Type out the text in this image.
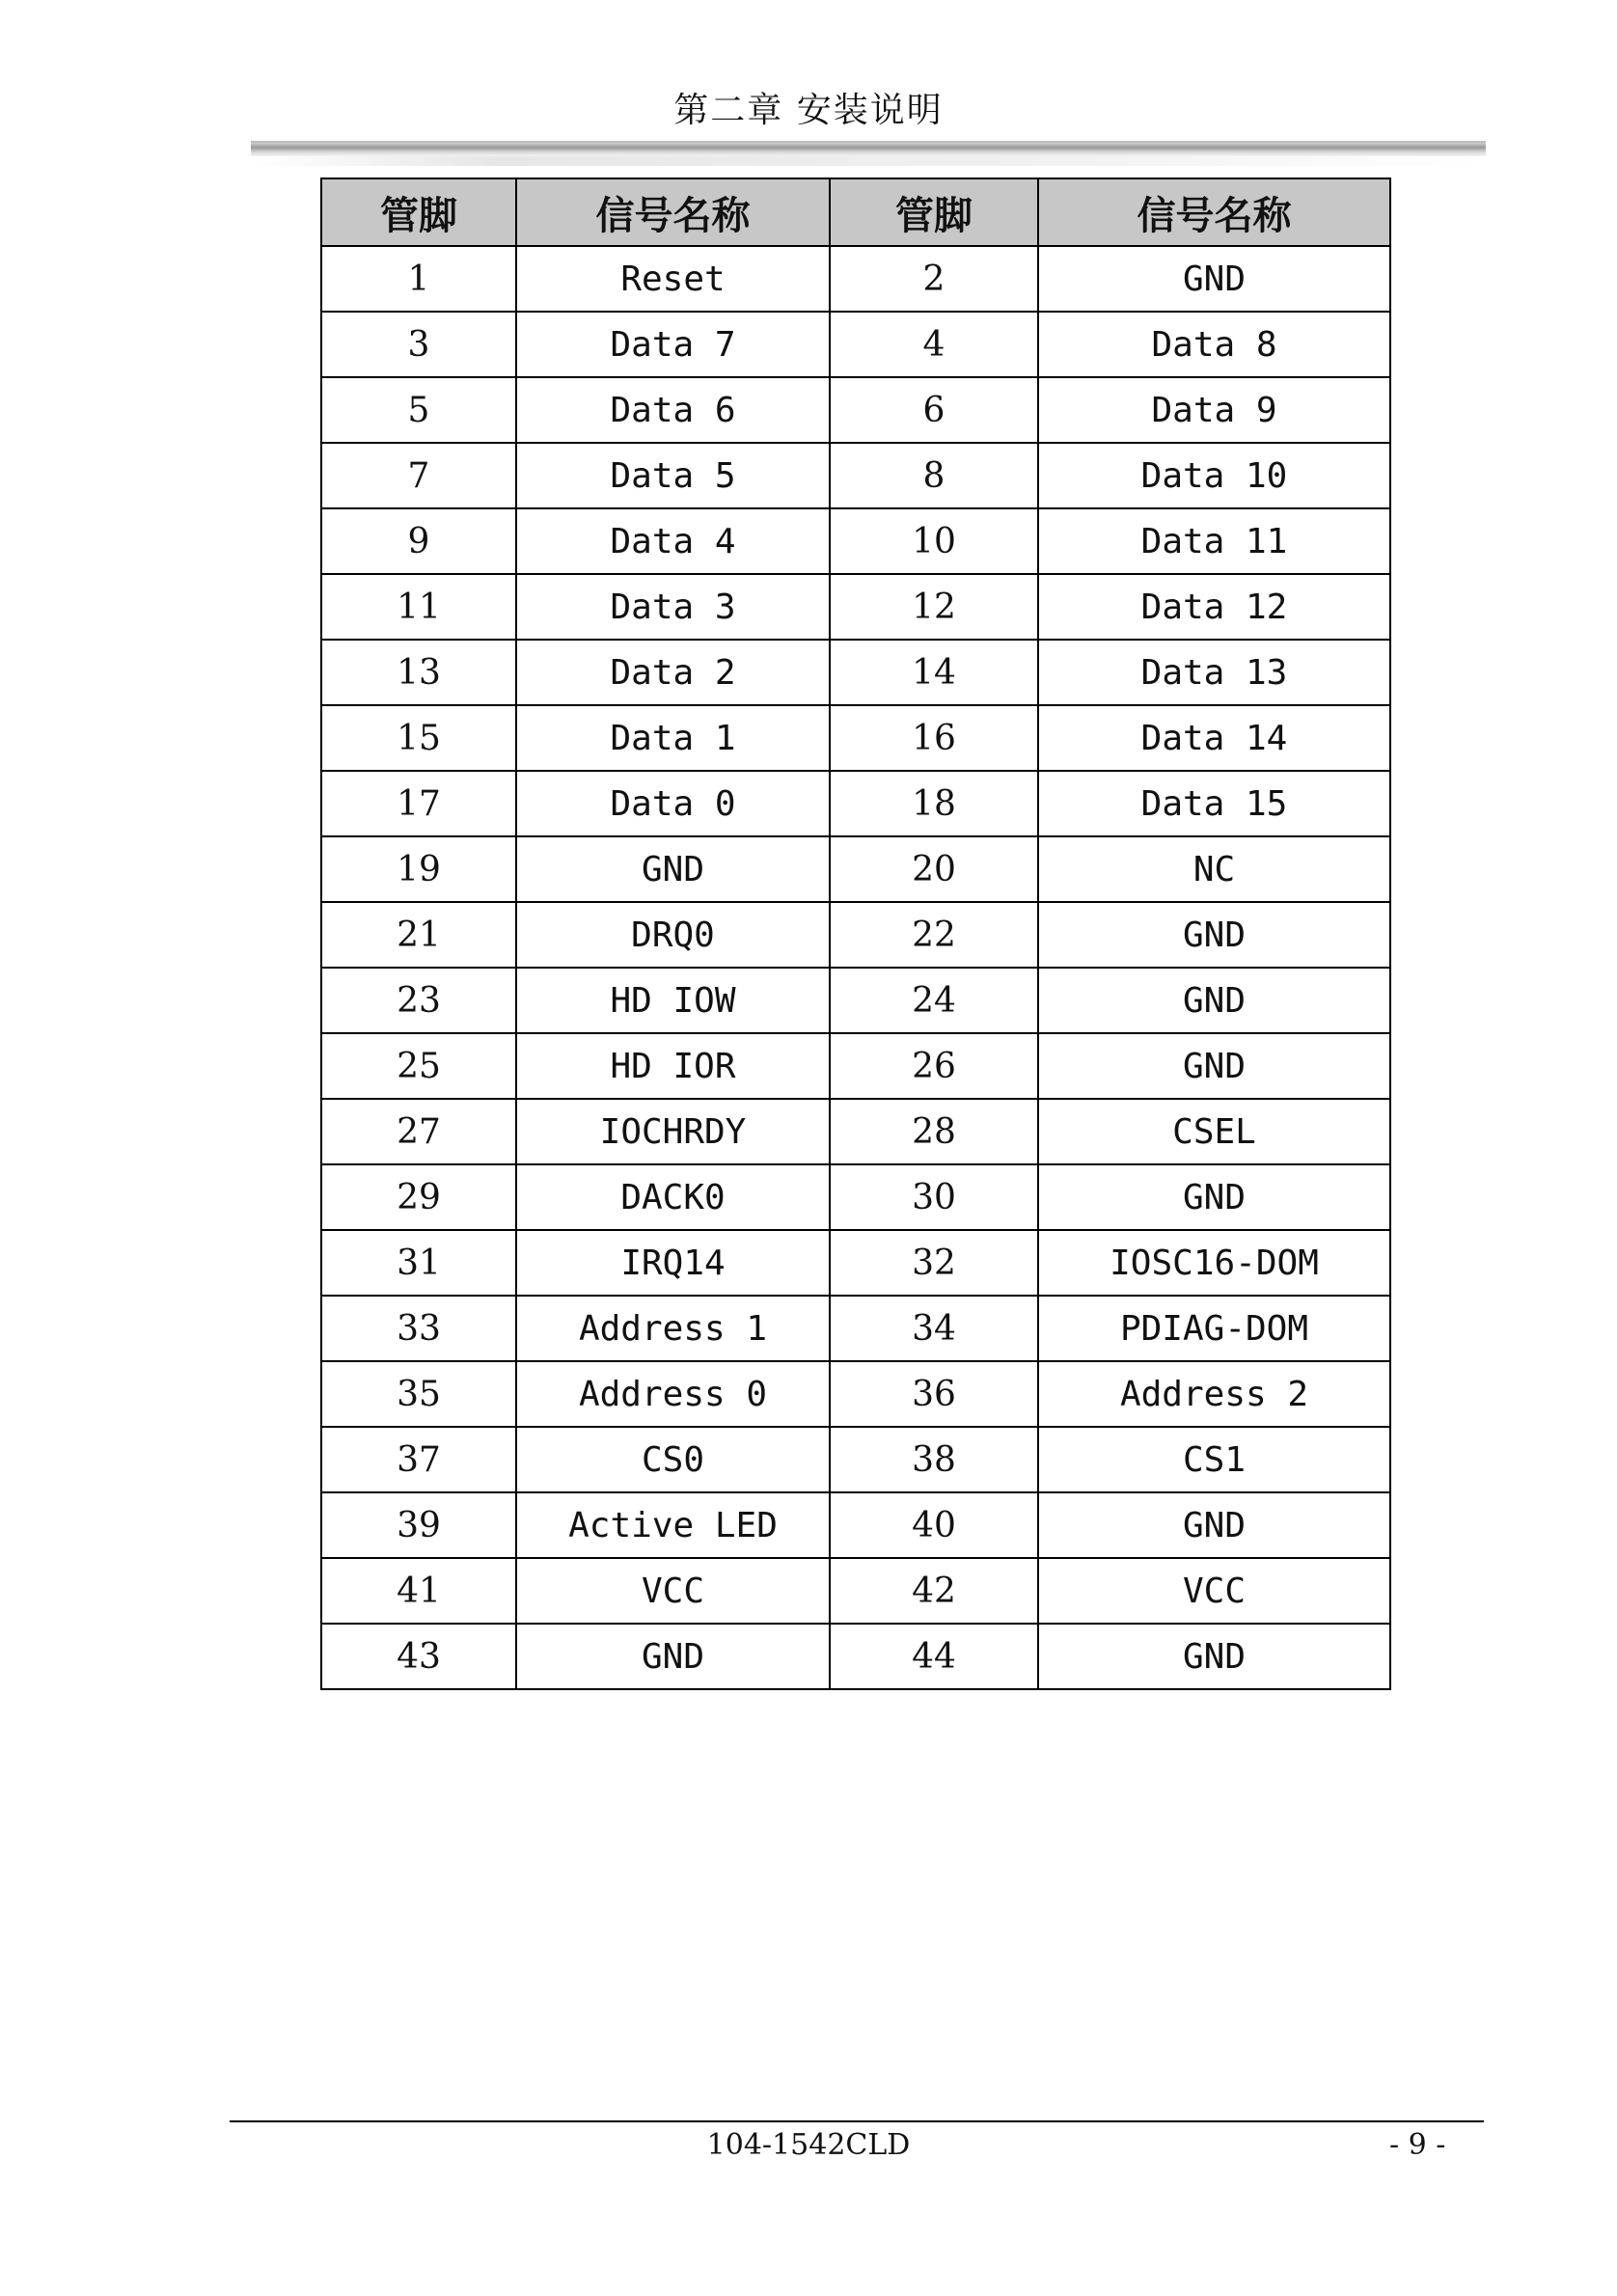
第二章 安装说明
管脚	信号名称	管脚	信号名称
1	Reset	2	GND
3	Data 7	4	Data 8
5	Data 6	6	Data 9
7	Data 5	8	Data 10
9	Data 4	10	Data 11
11	Data 3	12	Data 12
13	Data 2	14	Data 13
15	Data 1	16	Data 14
17	Data 0	18	Data 15
19	GND	20	NC
21	DRQ0	22	GND
23	HD IOW	24	GND
25	HD IOR	26	GND
27	IOCHRDY	28	CSEL
29	DACK0	30	GND
31	IRQ14	32	IOSC16-DOM
33	Address 1	34	PDIAG-DOM
35	Address 0	36	Address 2
37	CS0	38	CS1
39	Active LED	40	GND
41	VCC	42	VCC
43	GND	44	GND
104-1542CLD	- 9 -
